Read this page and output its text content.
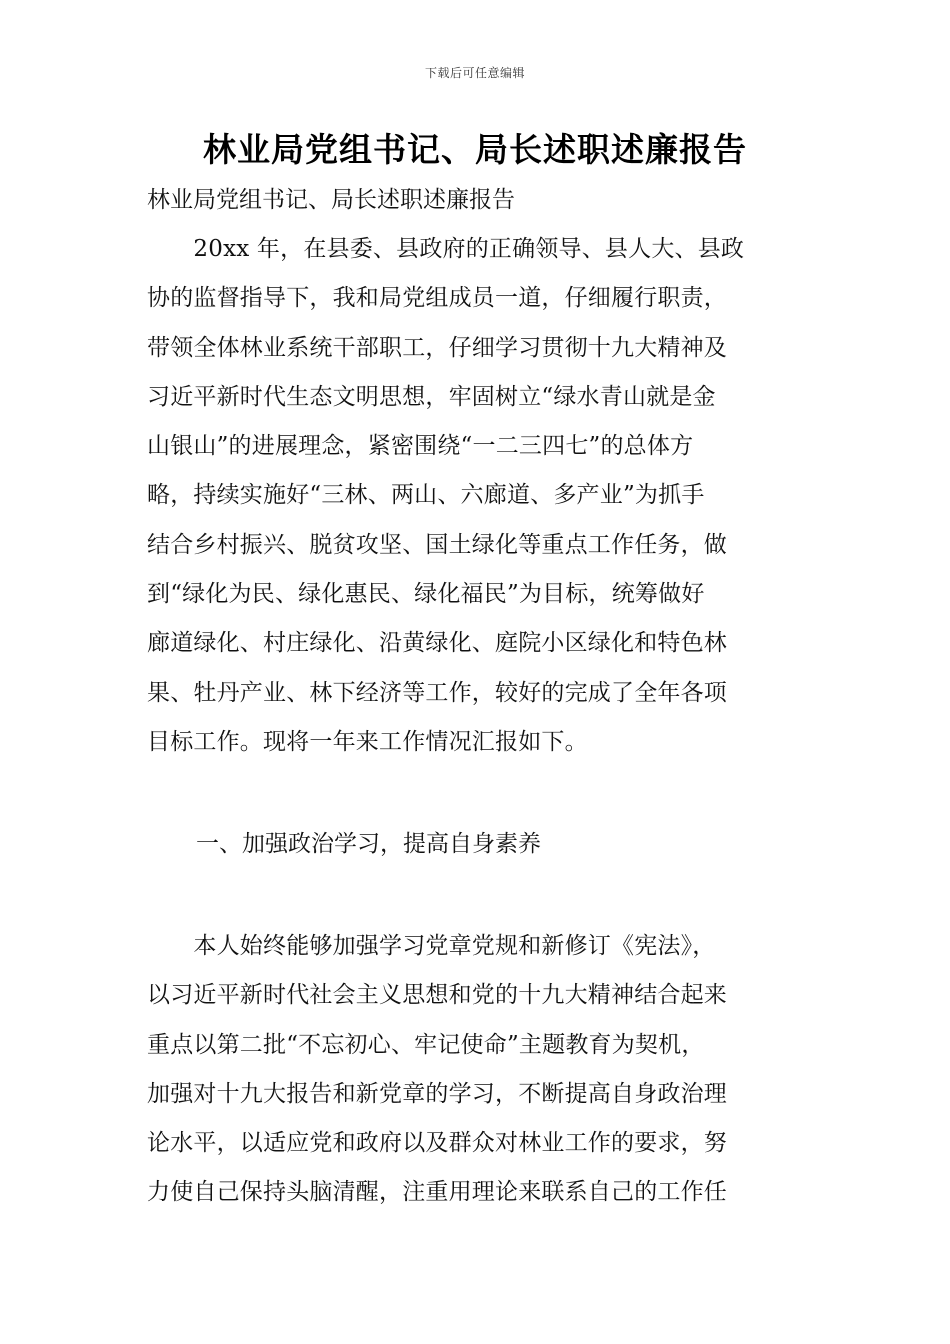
下载后可任意编辑
林业局党组书记、局长述职述廉报告
林业局党组书记、局长述职述廉报告
　　20xx 年，在县委、县政府的正确领导、县人大、县政
协的监督指导下，我和局党组成员一道，仔细履行职责，
带领全体林业系统干部职工，仔细学习贯彻十九大精神及
习近平新时代生态文明思想，牢固树立“绿水青山就是金
山银山”的进展理念，紧密围绕“一二三四七”的总体方
略，持续实施好“三林、两山、六廊道、多产业”为抓手
结合乡村振兴、脱贫攻坚、国土绿化等重点工作任务，做
到“绿化为民、绿化惠民、绿化福民”为目标，统筹做好
廊道绿化、村庄绿化、沿黄绿化、庭院小区绿化和特色林
果、牡丹产业、林下经济等工作，较好的完成了全年各项
目标工作。现将一年来工作情况汇报如下。
一、加强政治学习，提高自身素养
　　本人始终能够加强学习党章党规和新修订《宪法》，
以习近平新时代社会主义思想和党的十九大精神结合起来
重点以第二批“不忘初心、牢记使命”主题教育为契机，
加强对十九大报告和新党章的学习，不断提高自身政治理
论水平，以适应党和政府以及群众对林业工作的要求，努
力使自己保持头脑清醒，注重用理论来联系自己的工作任
